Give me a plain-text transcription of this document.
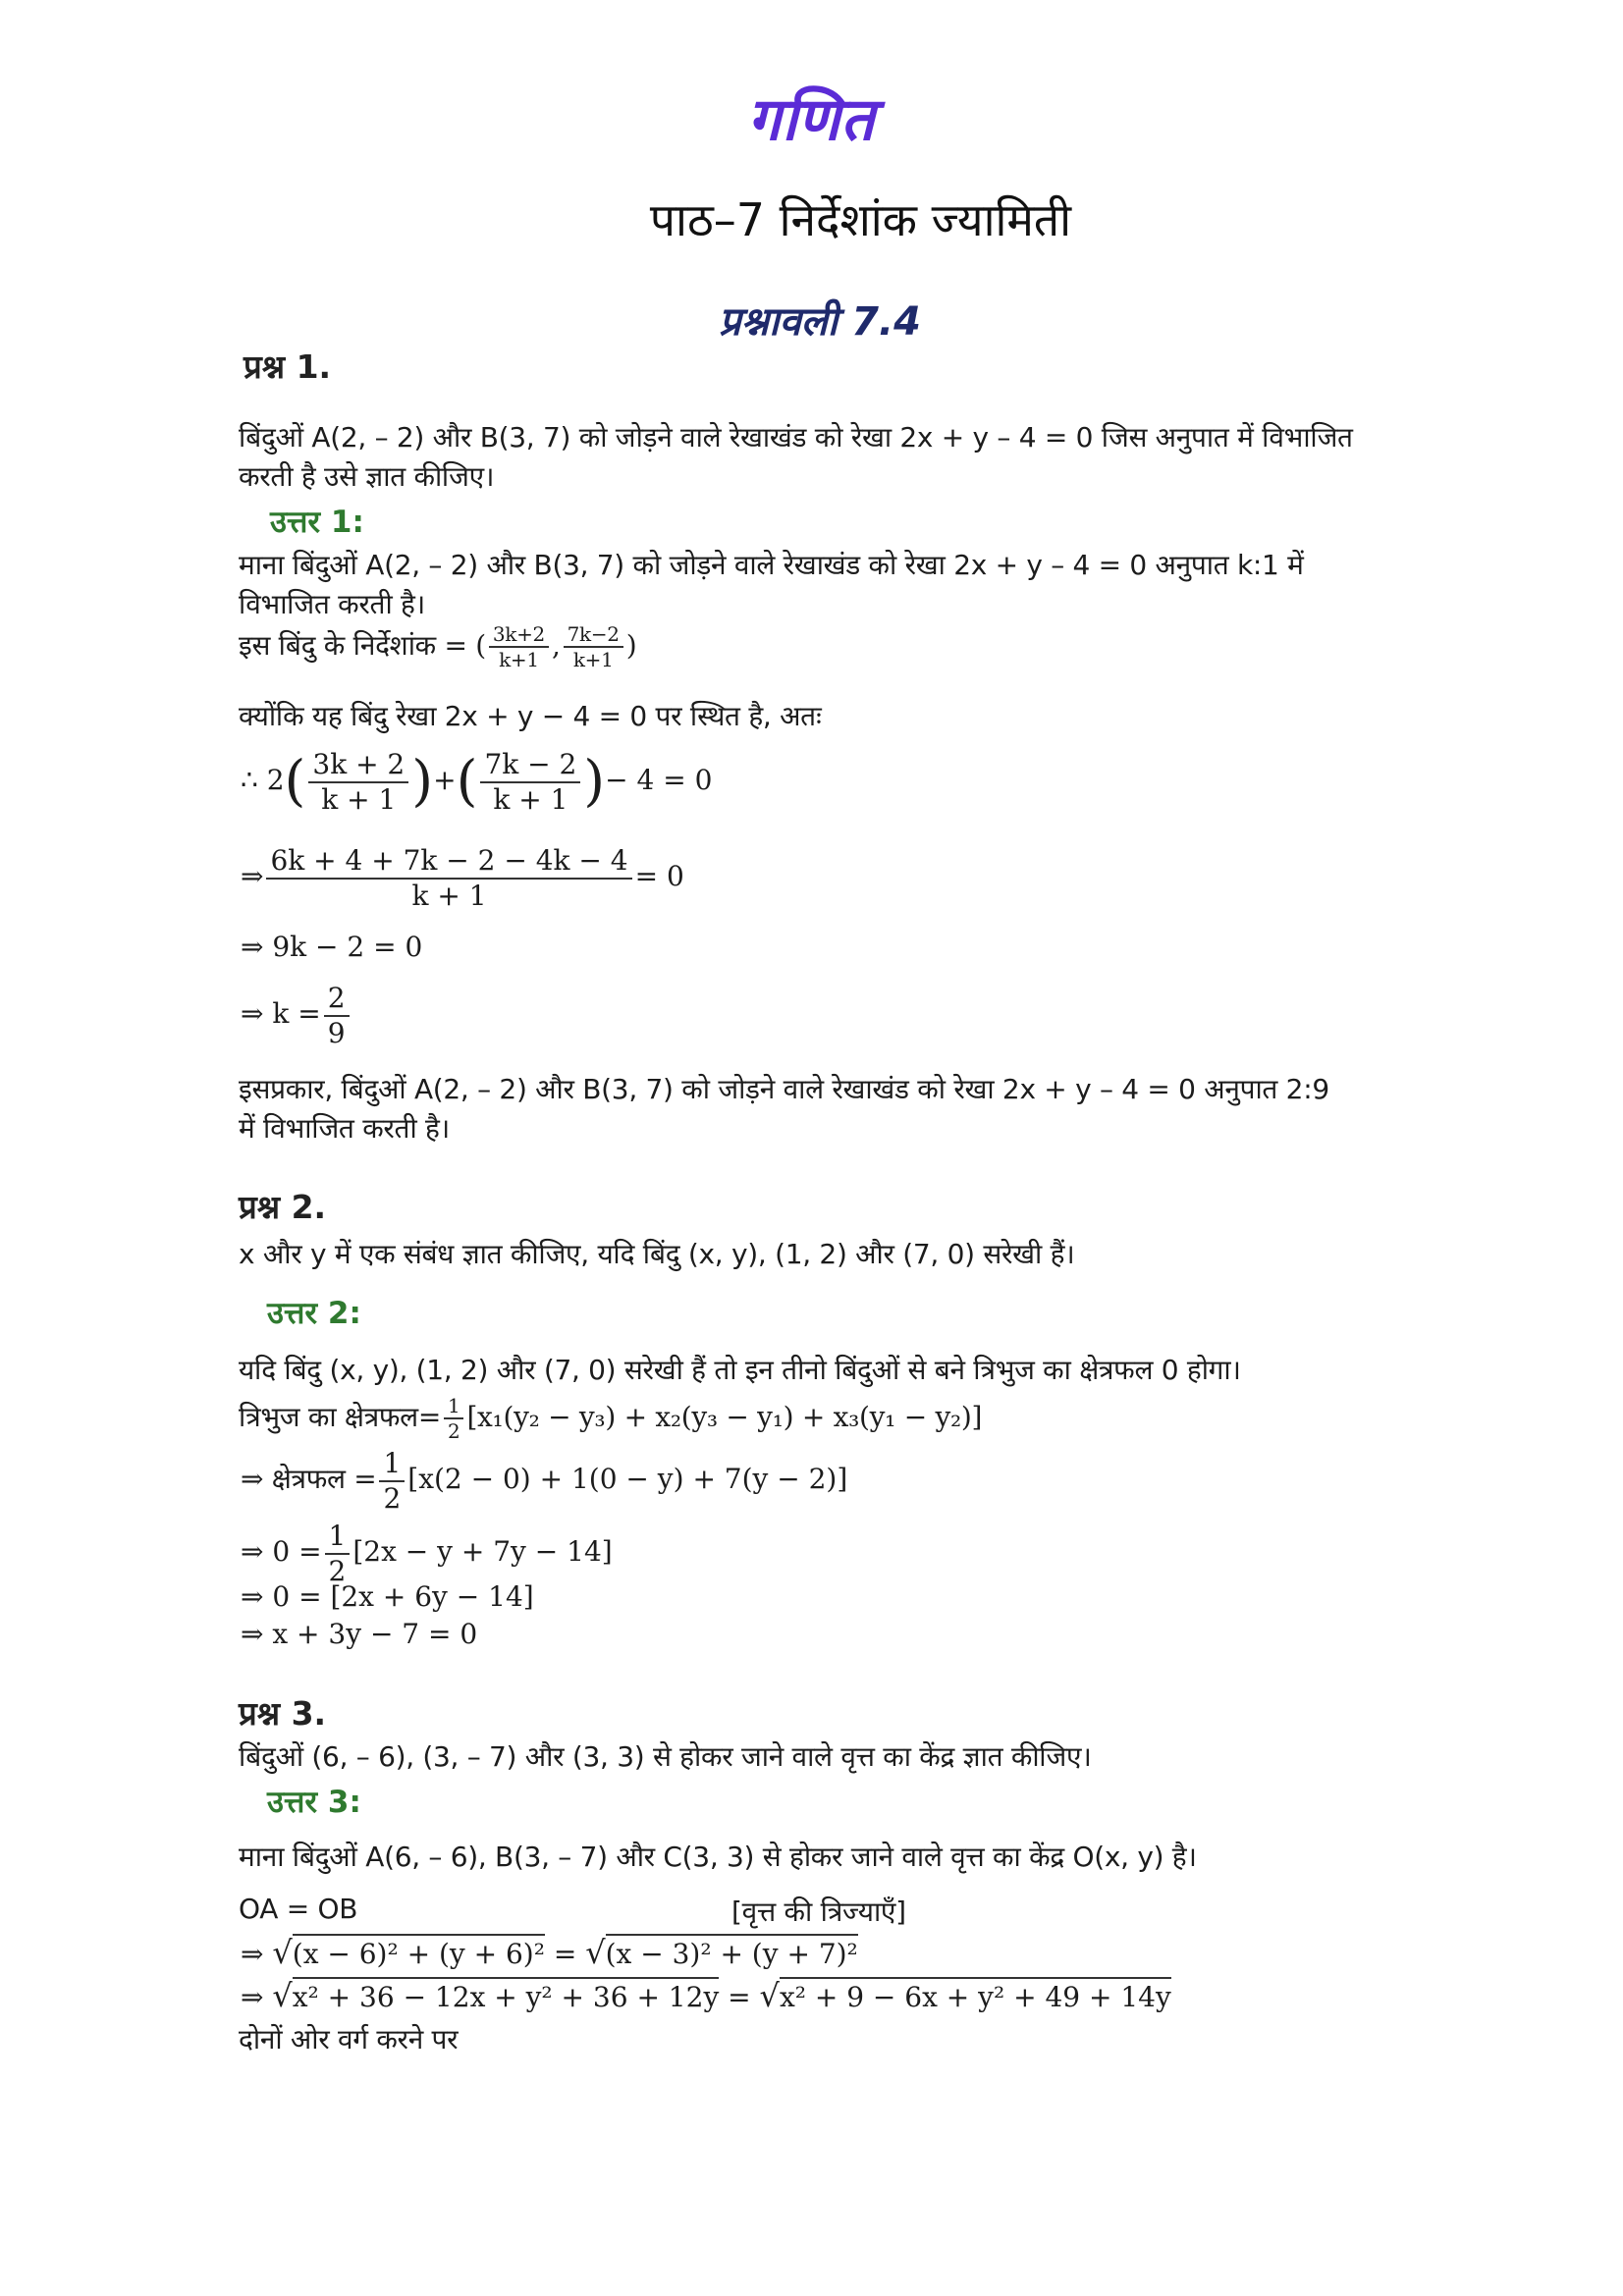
गणित
पाठ–7 निर्देशांक ज्यामिती
प्रश्नावली 7.4
प्रश्न 1.
बिंदुओं A(2, – 2) और B(3, 7) को जोड़ने वाले रेखाखंड को रेखा 2x + y – 4 = 0 जिस अनुपात में विभाजित
करती है उसे ज्ञात कीजिए।
उत्तर 1:
माना बिंदुओं A(2, – 2) और B(3, 7) को जोड़ने वाले रेखाखंड को रेखा 2x + y – 4 = 0 अनुपात k:1 में
विभाजित करती है।
इस बिंदु के निर्देशांक = ( $\frac{3k+2}{k+1}$ , $\frac{7k-2}{k+1}$ )
क्योंकि यह बिंदु रेखा 2x + y − 4 = 0 पर स्थित है, अतः
∴ $2( \frac{3k + 2}{k + 1}$ )+( $\frac{7k - 2}{k + 1}$ )− 4 = 0
⇒ $\frac{6k + 4 + 7k - 2 - 4k - 4}{k + 1} = 0$
⇒ 9k − 2 = 0
⇒ $k = \frac{2}{9}$
इसप्रकार, बिंदुओं A(2, – 2) और B(3, 7) को जोड़ने वाले रेखाखंड को रेखा 2x + y – 4 = 0 अनुपात 2:9
में विभाजित करती है।
प्रश्न 2.
x और y में एक संबंध ज्ञात कीजिए, यदि बिंदु (x, y), (1, 2) और (7, 0) सरेखी हैं।
उत्तर 2:
यदि बिंदु (x, y), (1, 2) और (7, 0) सरेखी हैं तो इन तीनो बिंदुओं से बने त्रिभुज का क्षेत्रफल 0 होगा।
त्रिभुज का क्षेत्रफल= $\frac{1}{2} [x_1(y_2 - y_3) + x_2(y_3 - y_1) + x_3(y_1 - y_2)]$
⇒ क्षेत्रफल = $\frac{1}{2} [x(2 - 0) + 1(0 - y) + 7(y - 2)]$
⇒ $0 = \frac{1}{2} [2x - y + 7y - 14]$
⇒ 0 = [2x + 6y − 14]
⇒ x + 3y − 7 = 0
प्रश्न 3.
बिंदुओं (6, – 6), (3, – 7) और (3, 3) से होकर जाने वाले वृत्त का केंद्र ज्ञात कीजिए।
उत्तर 3:
माना बिंदुओं A(6, – 6), B(3, – 7) और C(3, 3) से होकर जाने वाले वृत्त का केंद्र O(x, y) है।
OA = OB	[वृत्त की त्रिज्याएँ]
⇒ √(x − 6)² + (y + 6)² = √(x − 3)² + (y + 7)²
⇒ √x² + 36 − 12x + y² + 36 + 12y = √x² + 9 − 6x + y² + 49 + 14y
दोनों ओर वर्ग करने पर
